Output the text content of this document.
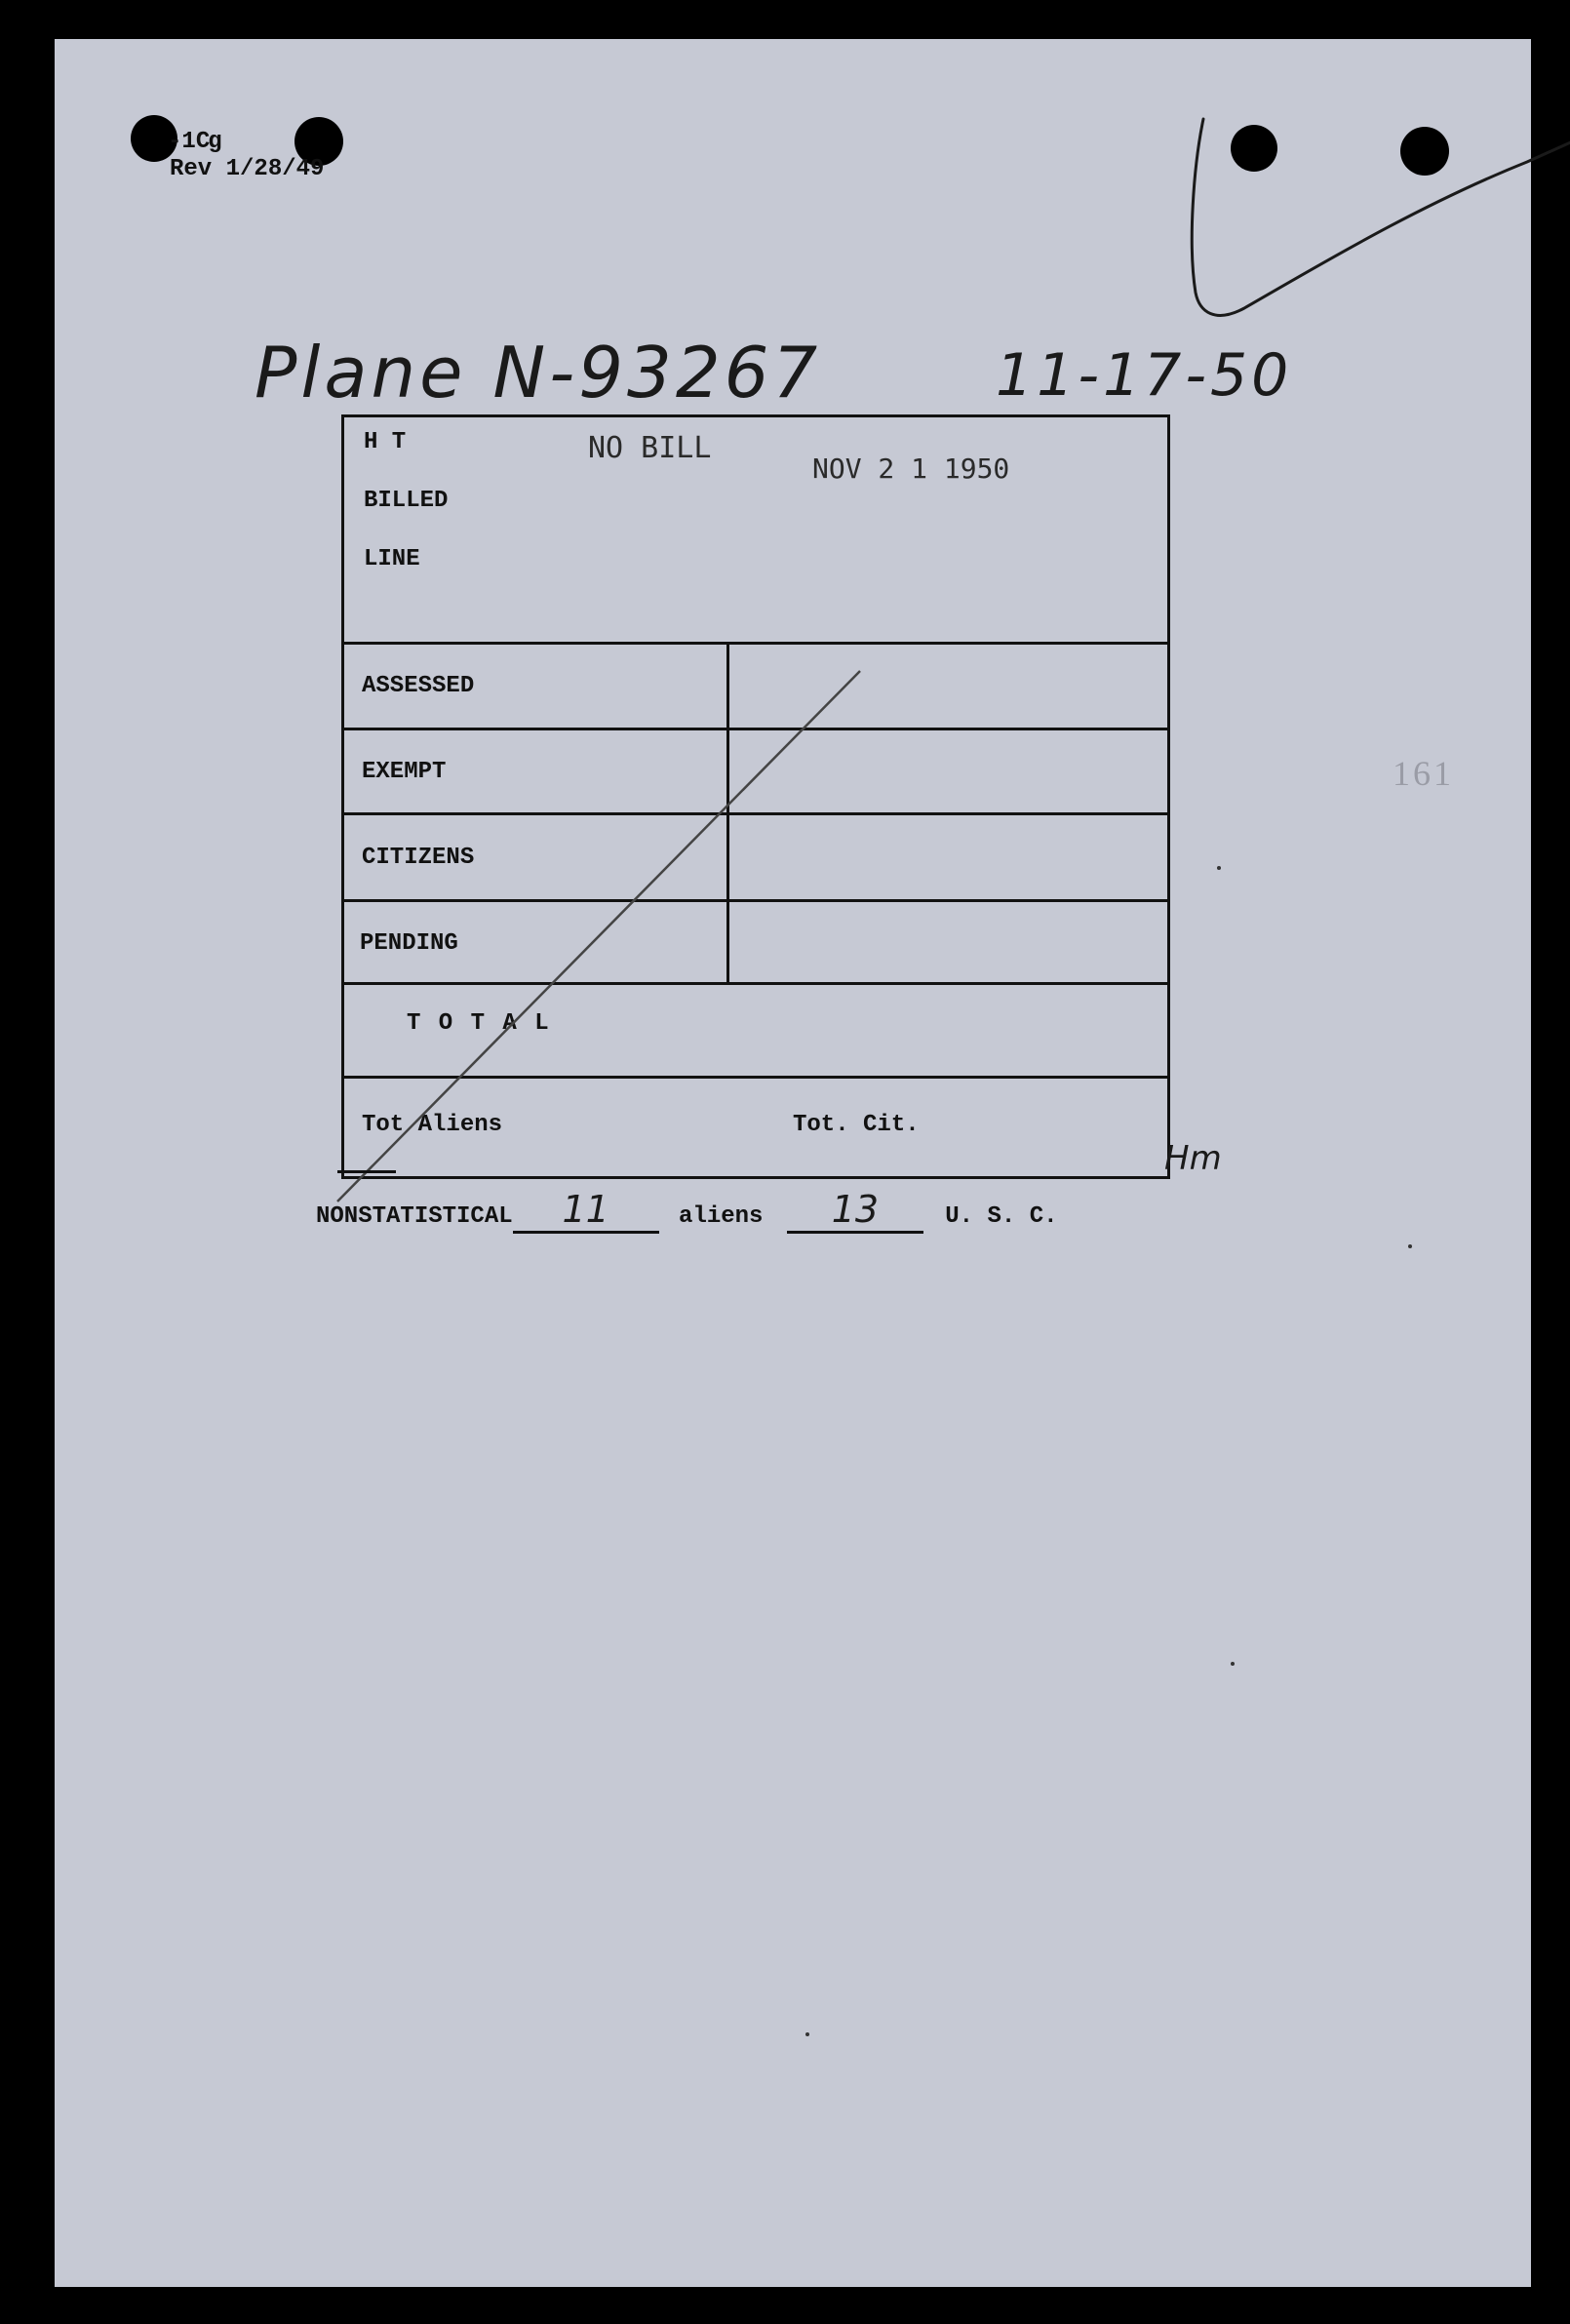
-1Cg
Rev 1/28/49
Plane N-93267	11-17-50
161
H T
BILLED
LINE
NO BILL
NOV 2 1 1950
ASSESSED
EXEMPT
CITIZENS
PENDING
T O T A L
Tot Aliens	Tot. Cit.
Hm
NONSTATISTICAL 11	aliens 13	U. S. C.
